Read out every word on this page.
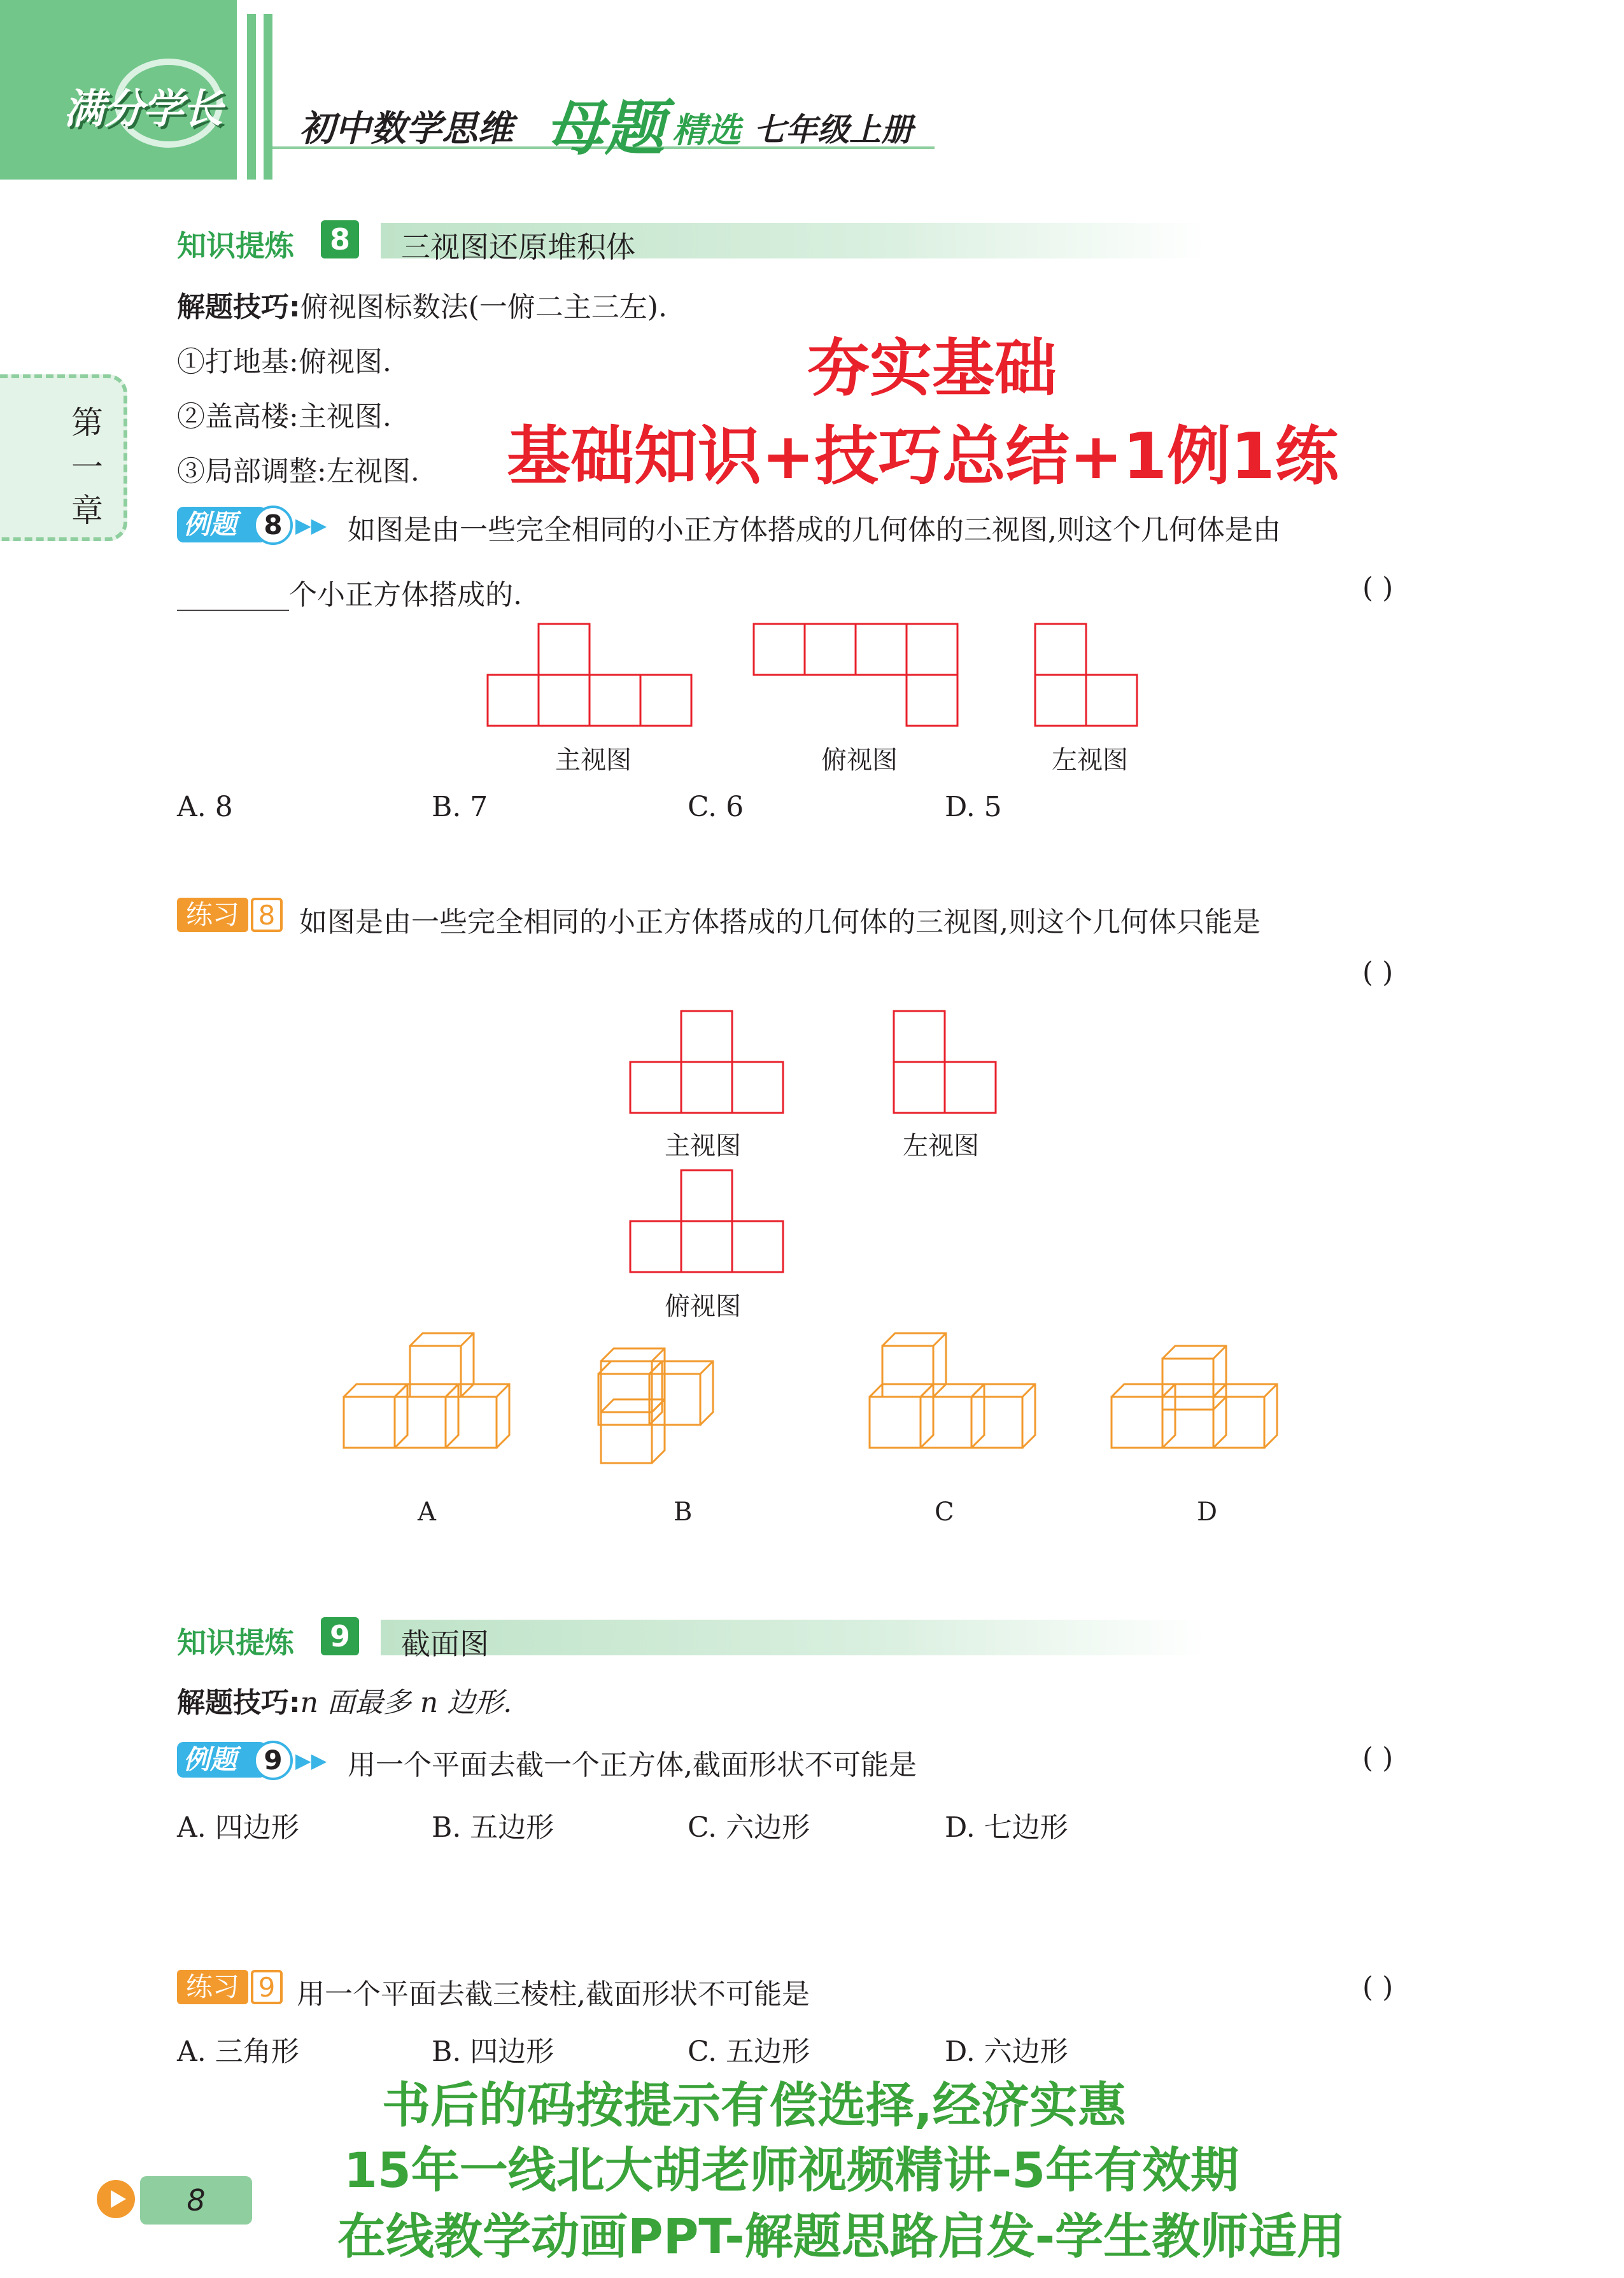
满分学长 初中数学思维 母题 精选 七年级上册
第
一
章
知识提炼	8	三视图还原堆积体
解题技巧:俯视图标数法(一俯二主三左).
①打地基:俯视图.
②盖高楼:主视图.
③局部调整:左视图.
夯实基础
基础知识+技巧总结+1例1练
例题	8 ▶▶ 如图是由一些完全相同的小正方体搭成的几何体的三视图,则这个几何体是由
________个小正方体搭成的.	( )
主视图	俯视图	左视图
A. 8	B. 7	C. 6	D. 5
练习 8 如图是由一些完全相同的小正方体搭成的几何体的三视图,则这个几何体只能是
( )
主视图	左视图
俯视图
A	B	C	D
知识提炼	9	截面图
解题技巧:n 面最多 n 边形.
例题	9 ▶▶ 用一个平面去截一个正方体,截面形状不可能是	( )
A. 四边形	B. 五边形	C. 六边形	D. 七边形
练习 9 用一个平面去截三棱柱,截面形状不可能是	( )
A. 三角形	B. 四边形	C. 五边形	D. 六边形
书后的码按提示有偿选择,经济实惠
15年一线北大胡老师视频精讲-5年有效期
在线教学动画PPT-解题思路启发-学生教师适用
8
